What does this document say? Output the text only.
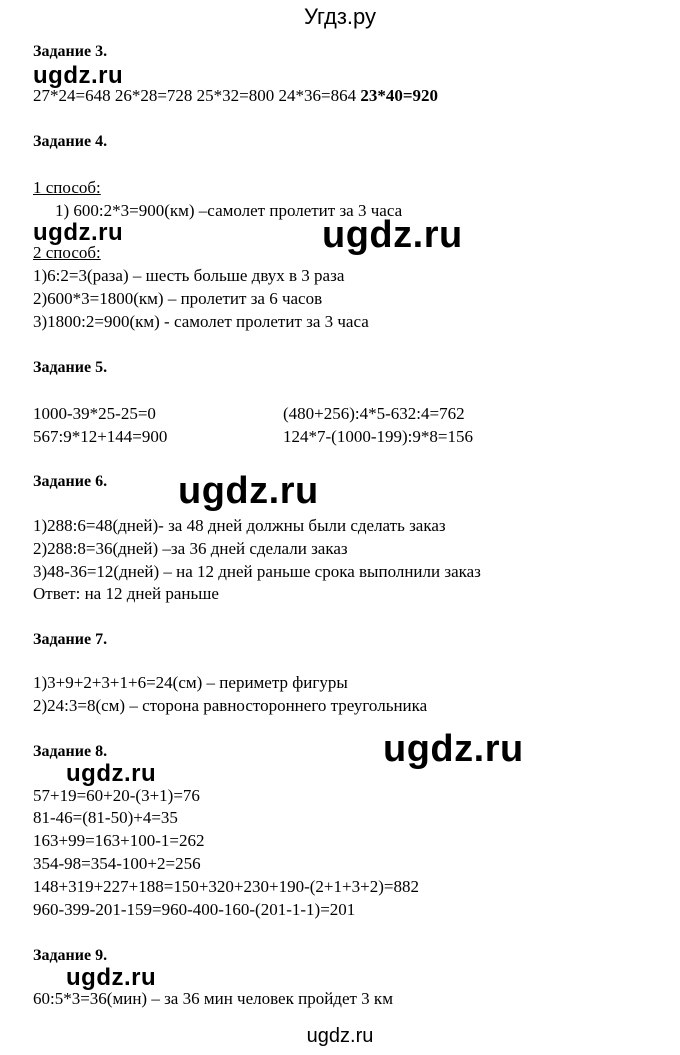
Угдз.ру
Задание 3.
ugdz.ru
27*24=648 26*28=728 25*32=800 24*36=864 23*40=920
Задание 4.
1 способ:
1) 600:2*3=900(км) –самолет пролетит за 3 часа
ugdz.ru	ugdz.ru
2 способ:
1)6:2=3(раза) – шесть больше двух в 3 раза
2)600*3=1800(км) – пролетит за 6 часов
3)1800:2=900(км) - самолет пролетит за 3 часа
Задание 5.
1000-39*25-25=0	(480+256):4*5-632:4=762
567:9*12+144=900	124*7-(1000-199):9*8=156
Задание 6. ugdz.ru
1)288:6=48(дней)- за 48 дней должны были сделать заказ
2)288:8=36(дней) –за 36 дней сделали заказ
3)48-36=12(дней) – на 12 дней раньше срока выполнили заказ
Ответ: на 12 дней раньше
Задание 7.
1)3+9+2+3+1+6=24(см) – периметр фигуры
2)24:3=8(см) – сторона равностороннего треугольника
Задание 8.	ugdz.ru
ugdz.ru
57+19=60+20-(3+1)=76
81-46=(81-50)+4=35
163+99=163+100-1=262
354-98=354-100+2=256
148+319+227+188=150+320+230+190-(2+1+3+2)=882
960-399-201-159=960-400-160-(201-1-1)=201
Задание 9.
ugdz.ru
60:5*3=36(мин) – за 36 мин человек пройдет 3 км
ugdz.ru
